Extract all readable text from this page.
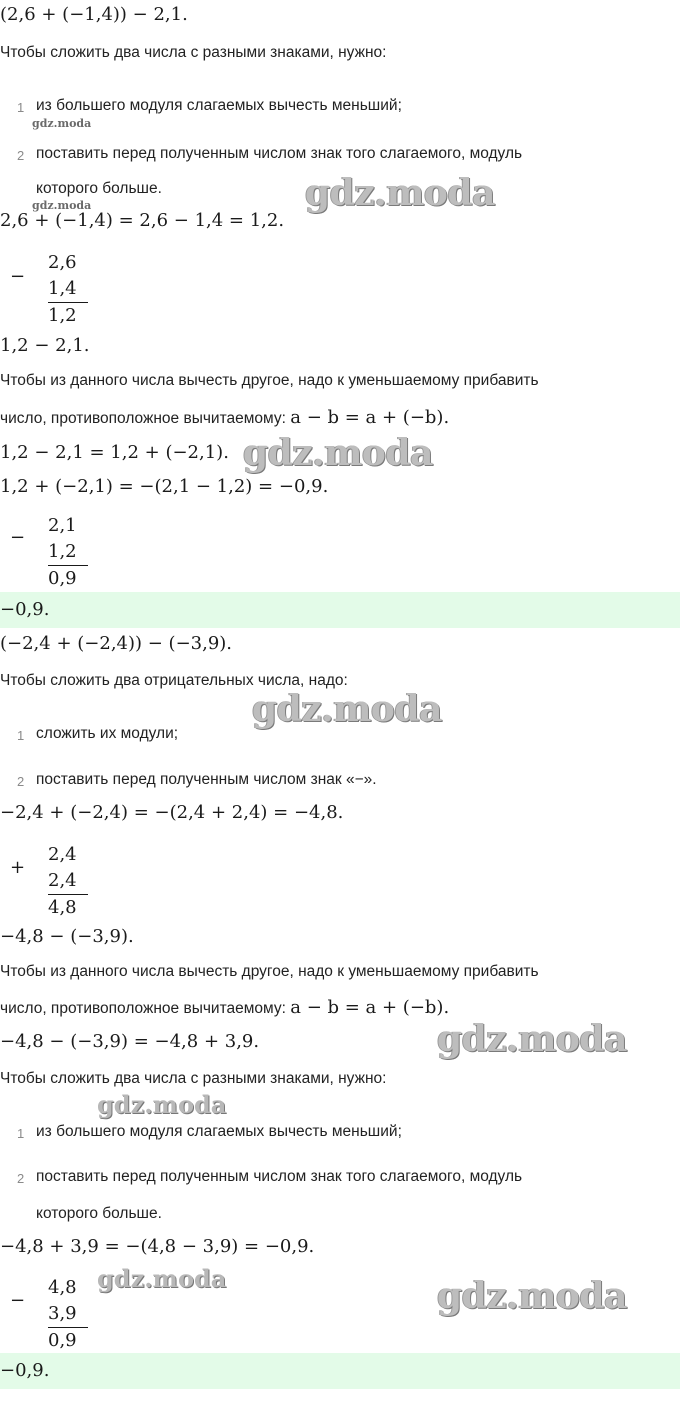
(2,6 + (−1,4)) − 2,1.
Чтобы сложить два числа с разными знаками, нужно:
1 из большего модуля слагаемых вычесть меньший;
gdz.moda
2 поставить перед полученным числом знак того слагаемого, модуль
которого больше.
gdz.moda	gdz.moda
2,6 + (−1,4) = 2,6 − 1,4 = 1,2.
−
2,6
1,4
1,2
1,2 − 2,1.
Чтобы из данного числа вычесть другое, надо к уменьшаемому прибавить
число, противоположное вычитаемому: a − b = a + (−b).
1,2 − 2,1 = 1,2 + (−2,1). gdz.moda
1,2 + (−2,1) = −(2,1 − 1,2) = −0,9.
−
2,1
1,2
0,9
−0,9.
(−2,4 + (−2,4)) − (−3,9).
Чтобы сложить два отрицательных числа, надо:
gdz.moda
1 сложить их модули;
2 поставить перед полученным числом знак «−».
−2,4 + (−2,4) = −(2,4 + 2,4) = −4,8.
+
2,4
2,4
4,8
−4,8 − (−3,9).
Чтобы из данного числа вычесть другое, надо к уменьшаемому прибавить
число, противоположное вычитаемому: a − b = a + (−b).
−4,8 − (−3,9) = −4,8 + 3,9.	gdz.moda
Чтобы сложить два числа с разными знаками, нужно:
gdz.moda
1 из большего модуля слагаемых вычесть меньший;
2 поставить перед полученным числом знак того слагаемого, модуль
которого больше.
−4,8 + 3,9 = −(4,8 − 3,9) = −0,9.
−
4,8
3,9
0,9
gdz.moda	gdz.moda
−0,9.
